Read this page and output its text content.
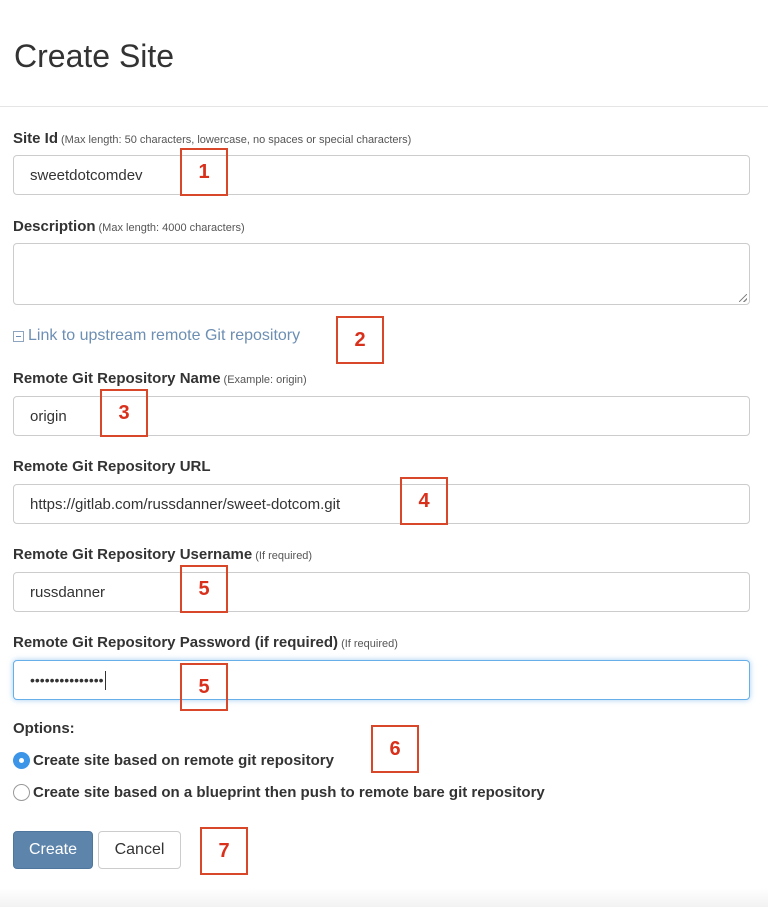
Create Site
Site Id (Max length: 50 characters, lowercase, no spaces or special characters)
sweetdotcomdev
Description (Max length: 4000 characters)
Link to upstream remote Git repository
Remote Git Repository Name (Example: origin)
origin
Remote Git Repository URL
https://gitlab.com/russdanner/sweet-dotcom.git
Remote Git Repository Username (If required)
russdanner
Remote Git Repository Password (if required) (If required)
•••••••••••••••
Options:
Create site based on remote git repository
Create site based on a blueprint then push to remote bare git repository
Create	Cancel
1
2
3
4
5
5
6
7
